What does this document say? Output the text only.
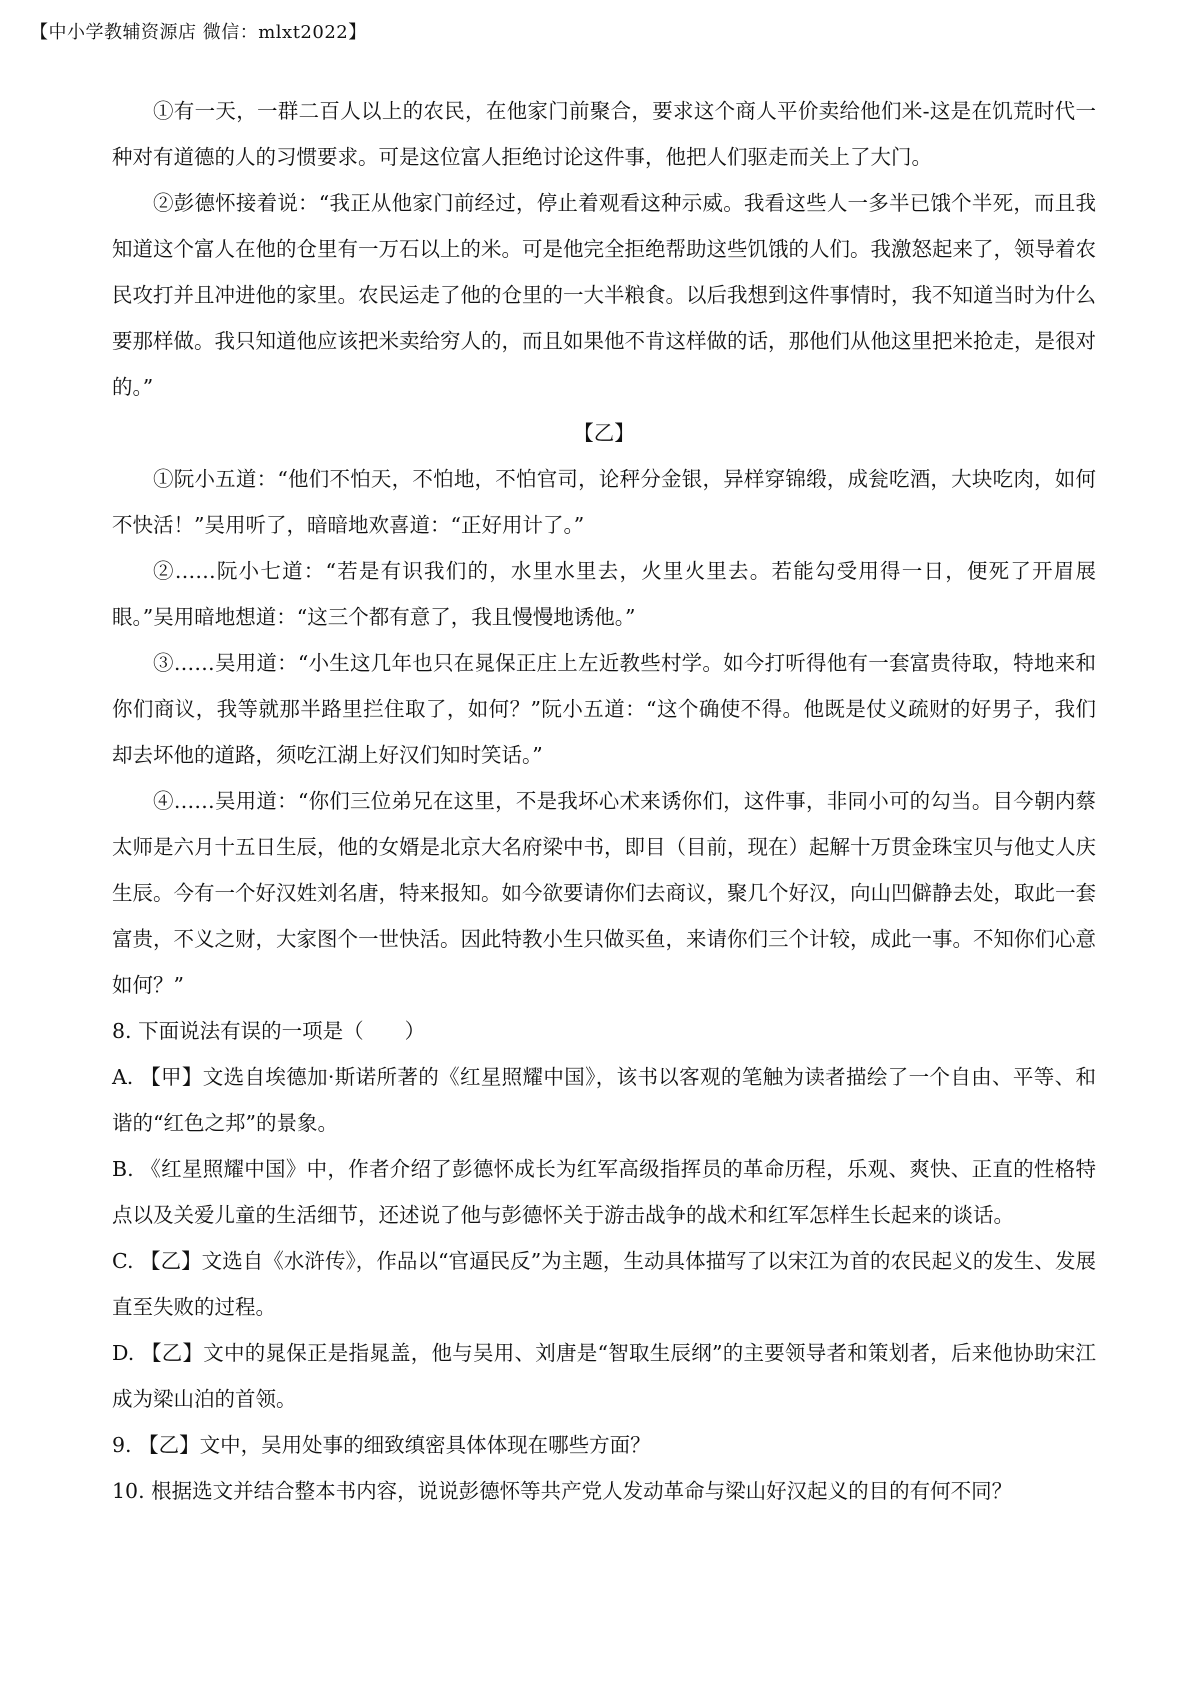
【中小学教辅资源店 微信：mlxt2022】

①有一天，一群二百人以上的农民，在他家门前聚合，要求这个商人平价卖给他们米-这是在饥荒时代一种对有道德的人的习惯要求。可是这位富人拒绝讨论这件事，他把人们驱走而关上了大门。

②彭德怀接着说：“我正从他家门前经过，停止着观看这种示威。我看这些人一多半已饿个半死，而且我知道这个富人在他的仓里有一万石以上的米。可是他完全拒绝帮助这些饥饿的人们。我激怒起来了，领导着农民攻打并且冲进他的家里。农民运走了他的仓里的一大半粮食。以后我想到这件事情时，我不知道当时为什么要那样做。我只知道他应该把米卖给穷人的，而且如果他不肯这样做的话，那他们从他这里把米抢走，是很对的。”

【乙】

①阮小五道：“他们不怕天，不怕地，不怕官司，论秤分金银，异样穿锦缎，成瓮吃酒，大块吃肉，如何不快活！”吴用听了，暗暗地欢喜道：“正好用计了。”

②……阮小七道：“若是有识我们的，水里水里去，火里火里去。若能勾受用得一日，便死了开眉展眼。”吴用暗地想道：“这三个都有意了，我且慢慢地诱他。”

③……吴用道：“小生这几年也只在晁保正庄上左近教些村学。如今打听得他有一套富贵待取，特地来和你们商议，我等就那半路里拦住取了，如何？”阮小五道：“这个确使不得。他既是仗义疏财的好男子，我们却去坏他的道路，须吃江湖上好汉们知时笑话。”

④……吴用道：“你们三位弟兄在这里，不是我坏心术来诱你们，这件事，非同小可的勾当。目今朝内蔡太师是六月十五日生辰，他的女婿是北京大名府梁中书，即目（目前，现在）起解十万贯金珠宝贝与他丈人庆生辰。今有一个好汉姓刘名唐，特来报知。如今欲要请你们去商议，聚几个好汉，向山凹僻静去处，取此一套富贵，不义之财，大家图个一世快活。因此特教小生只做买鱼，来请你们三个计较，成此一事。不知你们心意如何？”

8. 下面说法有误的一项是（　　）

A. 【甲】文选自埃德加·斯诺所著的《红星照耀中国》，该书以客观的笔触为读者描绘了一个自由、平等、和谐的“红色之邦”的景象。

B. 《红星照耀中国》中，作者介绍了彭德怀成长为红军高级指挥员的革命历程，乐观、爽快、正直的性格特点以及关爱儿童的生活细节，还述说了他与彭德怀关于游击战争的战术和红军怎样生长起来的谈话。

C. 【乙】文选自《水浒传》，作品以“官逼民反”为主题，生动具体描写了以宋江为首的农民起义的发生、发展直至失败的过程。

D. 【乙】文中的晁保正是指晁盖，他与吴用、刘唐是“智取生辰纲”的主要领导者和策划者，后来他协助宋江成为梁山泊的首领。

9. 【乙】文中，吴用处事的细致缜密具体体现在哪些方面？

10. 根据选文并结合整本书内容，说说彭德怀等共产党人发动革命与梁山好汉起义的目的有何不同？
